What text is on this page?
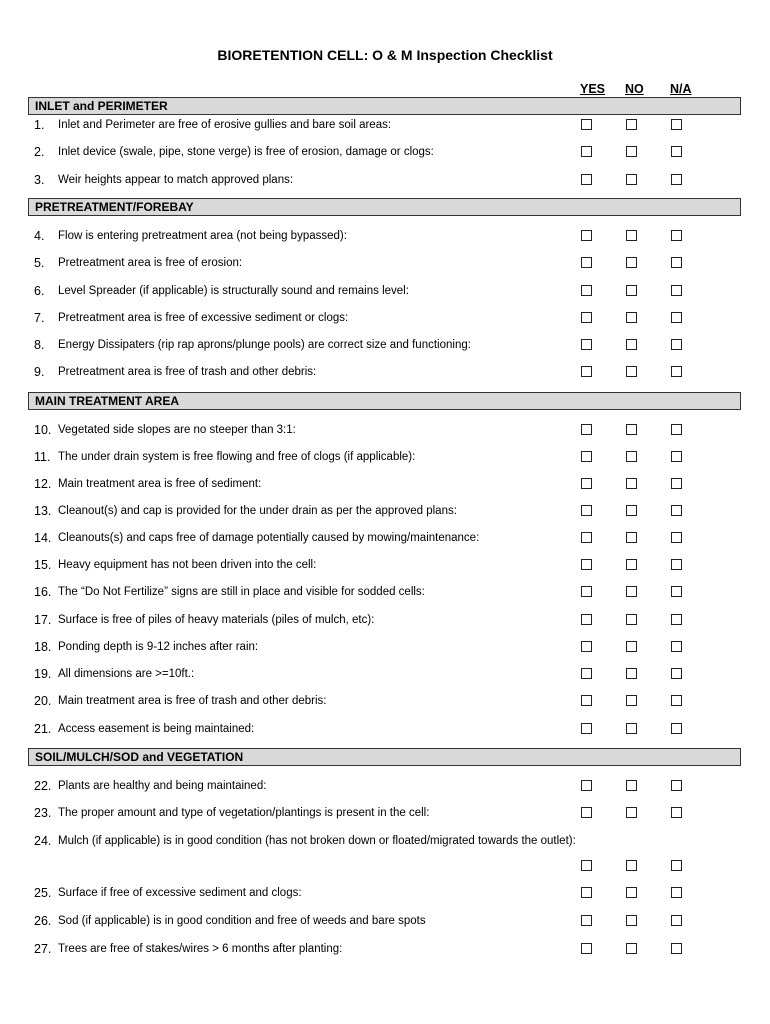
BIORETENTION CELL: O & M Inspection Checklist
YES NO N/A
INLET and PERIMETER
1. Inlet and Perimeter are free of erosive gullies and bare soil areas:
2. Inlet device (swale, pipe, stone verge) is free of erosion, damage or clogs:
3. Weir heights appear to match approved plans:
PRETREATMENT/FOREBAY
4. Flow is entering pretreatment area (not being bypassed):
5. Pretreatment area is free of erosion:
6. Level Spreader (if applicable) is structurally sound and remains level:
7. Pretreatment area is free of excessive sediment or clogs:
8. Energy Dissipaters (rip rap aprons/plunge pools) are correct size and functioning:
9. Pretreatment area is free of trash and other debris:
MAIN TREATMENT AREA
10. Vegetated side slopes are no steeper than 3:1:
11. The under drain system is free flowing and free of clogs (if applicable):
12. Main treatment area is free of sediment:
13. Cleanout(s) and cap is provided for the under drain as per the approved plans:
14. Cleanouts(s) and caps free of damage potentially caused by mowing/maintenance:
15. Heavy equipment has not been driven into the cell:
16. The “Do Not Fertilize” signs are still in place and visible for sodded cells:
17. Surface is free of piles of heavy materials (piles of mulch, etc):
18. Ponding depth is 9-12 inches after rain:
19. All dimensions are >=10ft.:
20. Main treatment area is free of trash and other debris:
21. Access easement is being maintained:
SOIL/MULCH/SOD and VEGETATION
22. Plants are healthy and being maintained:
23. The proper amount and type of vegetation/plantings is present in the cell:
24. Mulch (if applicable) is in good condition (has not broken down or floated/migrated towards the outlet):
25. Surface if free of excessive sediment and clogs:
26. Sod (if applicable) is in good condition and free of weeds and bare spots
27. Trees are free of stakes/wires > 6 months after planting:
